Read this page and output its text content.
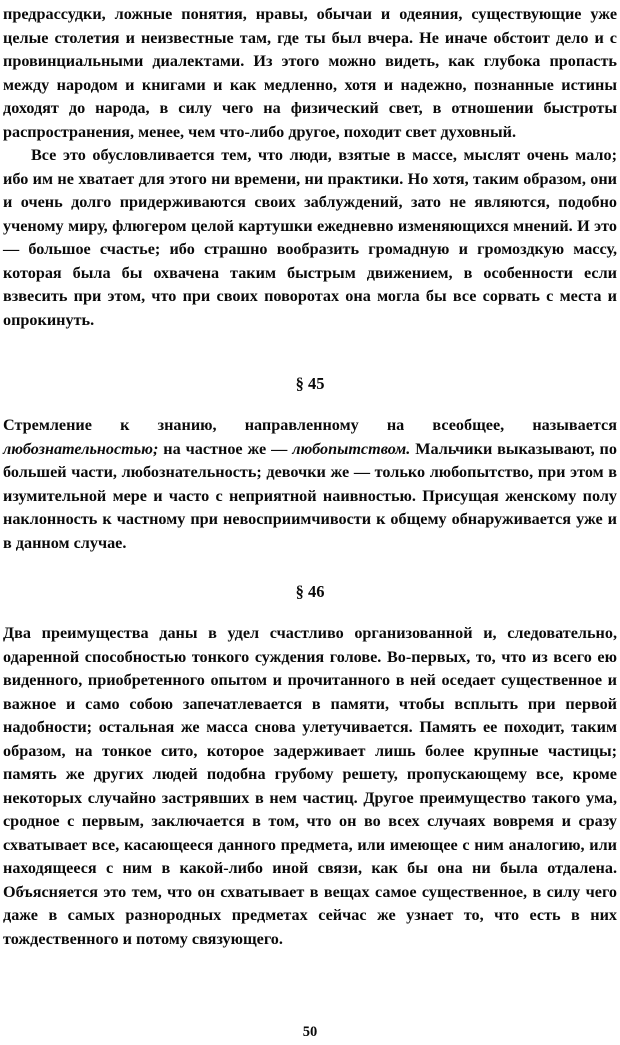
предрассудки, ложные понятия, нравы, обычаи и одеяния, существующие уже целые столетия и неизвестные там, где ты был вчера. Не иначе обстоит дело и с провинциальными диалектами. Из этого можно видеть, как глубока пропасть между народом и книгами и как медленно, хотя и надежно, познанные истины доходят до народа, в силу чего на физический свет, в отношении быстроты распространения, менее, чем что-либо другое, походит свет духовный.

Все это обусловливается тем, что люди, взятые в массе, мыслят очень мало; ибо им не хватает для этого ни времени, ни практики. Но хотя, таким образом, они и очень долго придерживаются своих заблуждений, зато не являются, подобно ученому миру, флюгером целой картушки ежедневно изменяющихся мнений. И это — большое счастье; ибо страшно вообразить громадную и громоздкую массу, которая была бы охвачена таким быстрым движением, в особенности если взвесить при этом, что при своих поворотах она могла бы все сорвать с места и опрокинуть.

§ 45

Стремление к знанию, направленному на всеобщее, называется любознательностью; на частное же — любопытством. Мальчики выказывают, по большей части, любознательность; девочки же — только любопытство, при этом в изумительной мере и часто с неприятной наивностью. Присущая женскому полу наклонность к частному при невосприимчивости к общему обнаруживается уже и в данном случае.

§ 46

Два преимущества даны в удел счастливо организованной и, следовательно, одаренной способностью тонкого суждения голове. Во-первых, то, что из всего ею виденного, приобретенного опытом и прочитанного в ней оседает существенное и важное и само собою запечатлевается в памяти, чтобы всплыть при первой надобности; остальная же масса снова улетучивается. Память ее походит, таким образом, на тонкое сито, которое задерживает лишь более крупные частицы; память же других людей подобна грубому решету, пропускающему все, кроме некоторых случайно застрявших в нем частиц. Другое преимущество такого ума, сродное с первым, заключается в том, что он во всех случаях вовремя и сразу схватывает все, касающееся данного предмета, или имеющее с ним аналогию, или находящееся с ним в какой-либо иной связи, как бы она ни была отдалена. Объясняется это тем, что он схватывает в вещах самое существенное, в силу чего даже в самых разнородных предметах сейчас же узнает то, что есть в них тождественного и потому связующего.

50
